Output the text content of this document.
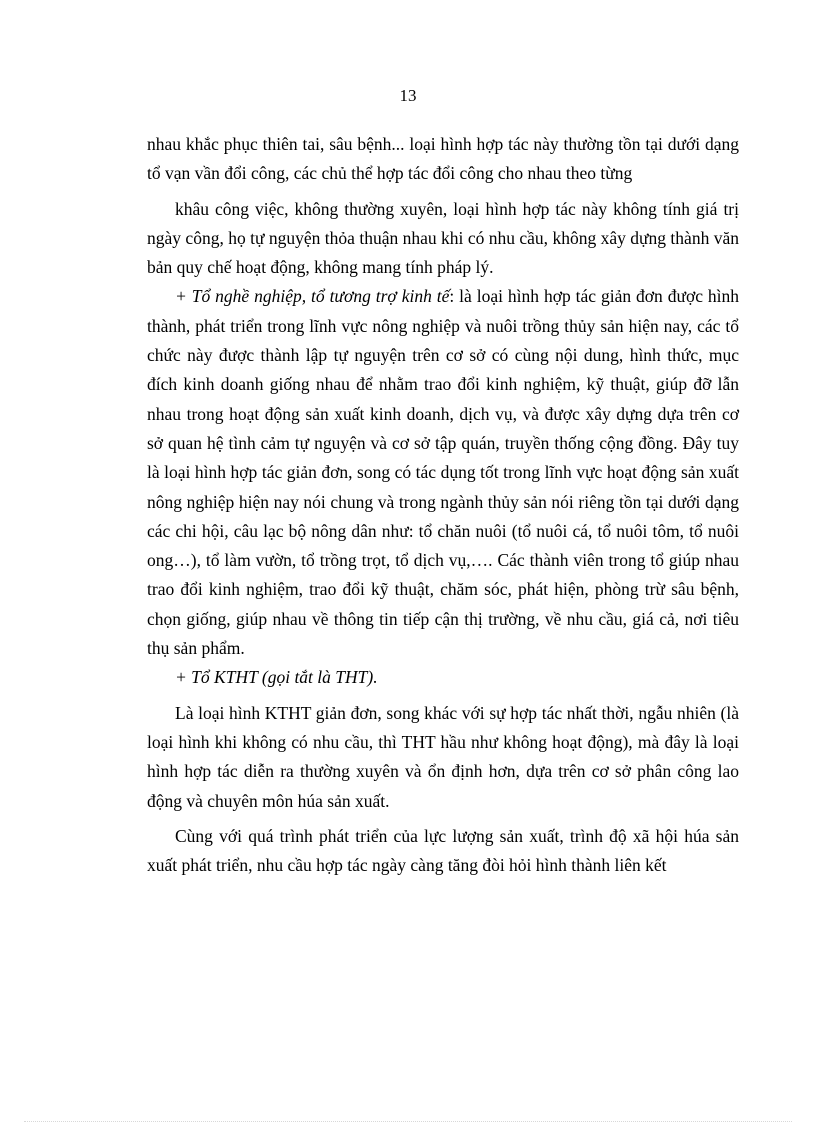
13

nhau khắc phục thiên tai, sâu bệnh... loại hình hợp tác này thường tồn tại dưới dạng tổ vạn vần đổi công, các chủ thể hợp tác đổi công cho nhau theo từng

khâu công việc, không thường xuyên, loại hình hợp tác này không tính giá trị ngày công, họ tự nguyện thỏa thuận nhau khi có nhu cầu, không xây dựng thành văn bản quy chế hoạt động, không mang tính pháp lý.

+ Tổ nghề nghiệp, tổ tương trợ kinh tế: là loại hình hợp tác giản đơn được hình thành, phát triển trong lĩnh vực nông nghiệp và nuôi trồng thủy sản hiện nay, các tổ chức này được thành lập tự nguyện trên cơ sở có cùng nội dung, hình thức, mục đích kinh doanh giống nhau để nhằm trao đổi kinh nghiệm, kỹ thuật, giúp đỡ lẫn nhau trong hoạt động sản xuất kinh doanh, dịch vụ, và được xây dựng dựa trên cơ sở quan hệ tình cảm tự nguyện và cơ sở tập quán, truyền thống cộng đồng. Đây tuy là loại hình hợp tác giản đơn, song có tác dụng tốt trong lĩnh vực hoạt động sản xuất nông nghiệp hiện nay nói chung và trong ngành thủy sản nói riêng tồn tại dưới dạng các chi hội, câu lạc bộ nông dân như: tổ chăn nuôi (tổ nuôi cá, tổ nuôi tôm, tổ nuôi ong…), tổ làm vườn, tổ trồng trọt, tổ dịch vụ,…. Các thành viên trong tổ giúp nhau trao đổi kinh nghiệm, trao đổi kỹ thuật, chăm sóc, phát hiện, phòng trừ sâu bệnh, chọn giống, giúp nhau về thông tin tiếp cận thị trường, về nhu cầu, giá cả, nơi tiêu thụ sản phẩm.

+ Tổ KTHT (gọi tắt là THT).

Là loại hình KTHT giản đơn, song khác với sự hợp tác nhất thời, ngẫu nhiên (là loại hình khi không có nhu cầu, thì THT hầu như không hoạt động), mà đây là loại hình hợp tác diễn ra thường xuyên và ổn định hơn, dựa trên cơ sở phân công lao động và chuyên môn húa sản xuất.

Cùng với quá trình phát triển của lực lượng sản xuất, trình độ xã hội húa sản xuất phát triển, nhu cầu hợp tác ngày càng tăng đòi hỏi hình thành liên kết
